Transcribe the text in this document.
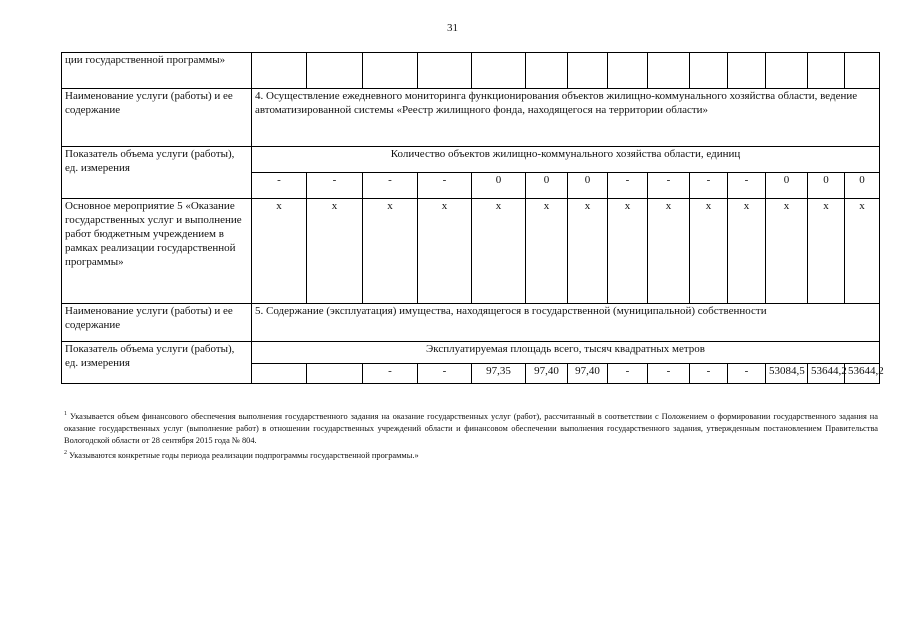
31
ции государственной программы»														
Наименование услуги (работы) и ее содержание	4. Осуществление ежедневного мониторинга функционирования объектов жилищно-коммунального хозяйства области, ведение автоматизированной системы «Реестр жилищного фонда, находящегося на территории области»													
Показатель объема услуги (работы), ед. измерения	Количество объектов жилищно-коммунального хозяйства области, единиц													
	-	-	-	-	0	0	0	-	-	-	-	0	0	0
Основное мероприятие 5 «Оказание государственных услуг и выполнение работ бюджетным учреждением в рамках реализации государственной программы»	x	x	x	x	x	x	x	x	x	x	x	x	x	x
Наименование услуги (работы) и ее содержание	5. Содержание (эксплуатация) имущества, находящегося в государственной (муниципальной) собственности													
Показатель объема услуги (работы), ед. измерения	Эксплуатируемая площадь всего, тысяч квадратных метров													
			-	-	97,35	97,40	97,40	-	-	-	-	53084,5	53644,2	53644,2

$^1$ Указывается объем финансового обеспечения выполнения государственного задания на оказание государственных услуг (работ), рассчитанный в соответствии с Положением о формировании государственного задания на оказание государственных услуг (выполнение работ) в отношении государственных учреждений области и финансовом обеспечении выполнения государственного задания, утвержденным постановлением Правительства Вологодской области от 28 сентября 2015 года № 804.

$^2$ Указываются конкретные годы периода реализации подпрограммы государственной программы.»
